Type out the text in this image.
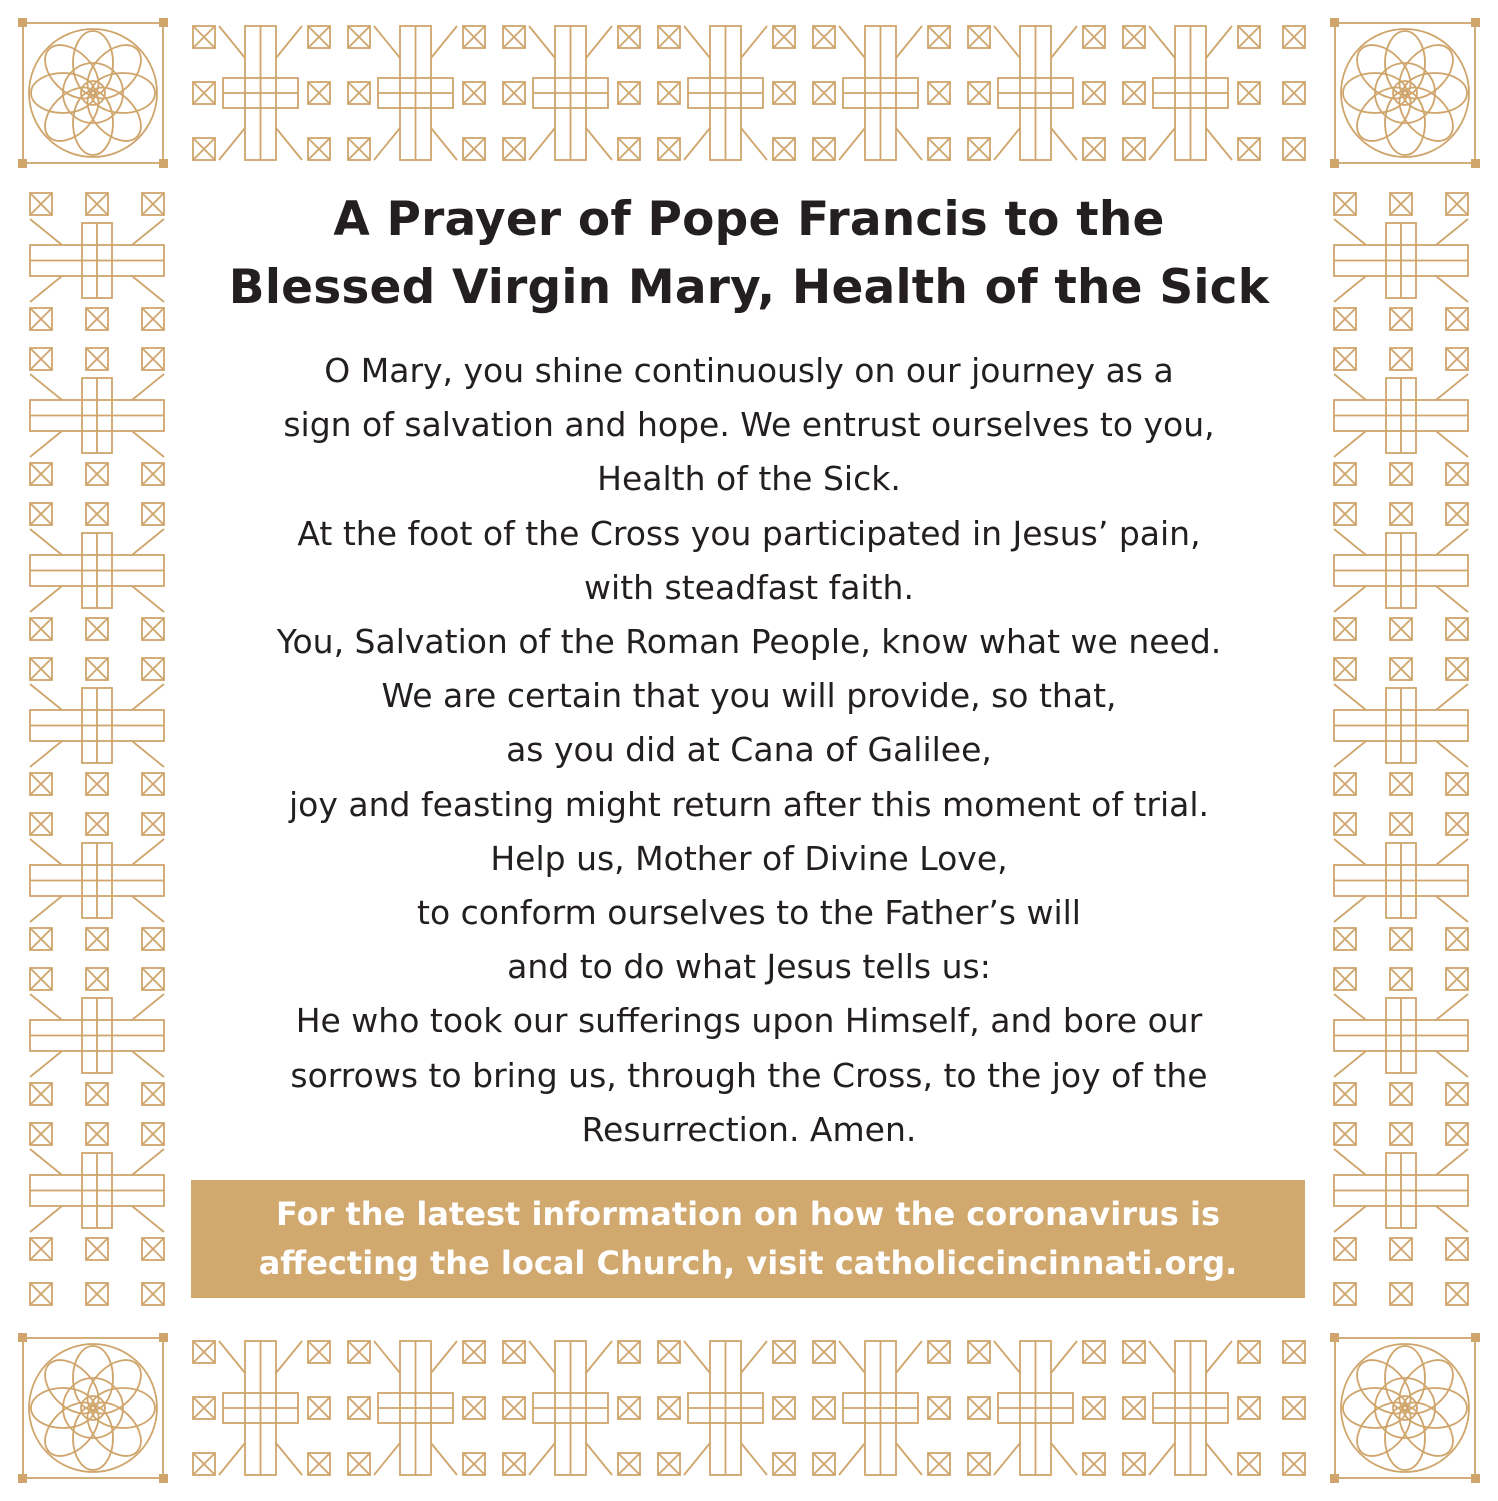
A Prayer of Pope Francis to the
Blessed Virgin Mary, Health of the Sick
O Mary, you shine continuously on our journey as a
sign of salvation and hope. We entrust ourselves to you,
Health of the Sick.
At the foot of the Cross you participated in Jesus’ pain,
with steadfast faith.
You, Salvation of the Roman People, know what we need.
We are certain that you will provide, so that,
as you did at Cana of Galilee,
joy and feasting might return after this moment of trial.
Help us, Mother of Divine Love,
to conform ourselves to the Father’s will
and to do what Jesus tells us:
He who took our sufferings upon Himself, and bore our
sorrows to bring us, through the Cross, to the joy of the
Resurrection. Amen.
For the latest information on how the coronavirus is
affecting the local Church, visit catholiccincinnati.org.
